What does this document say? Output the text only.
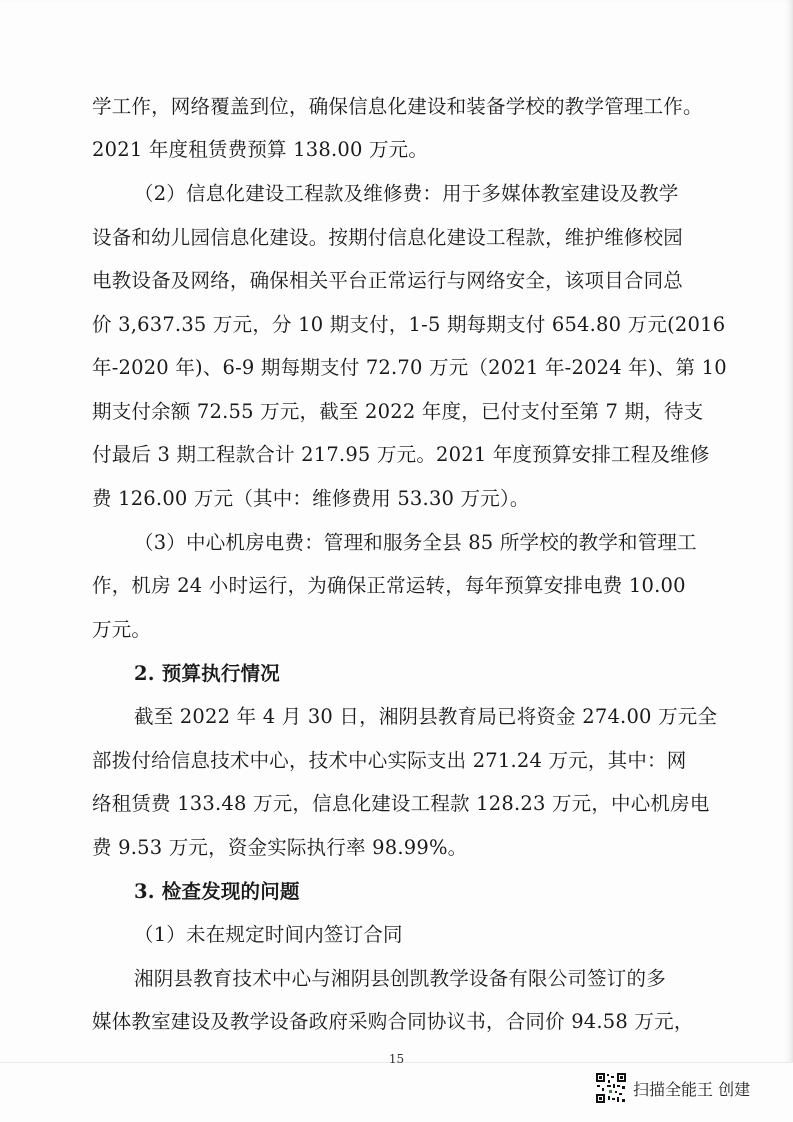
学工作，网络覆盖到位，确保信息化建设和装备学校的教学管理工作。
2021 年度租赁费预算 138.00 万元。
（2）信息化建设工程款及维修费：用于多媒体教室建设及教学
设备和幼儿园信息化建设。按期付信息化建设工程款，维护维修校园
电教设备及网络，确保相关平台正常运行与网络安全，该项目合同总
价 3,637.35 万元，分 10 期支付，1-5 期每期支付 654.80 万元(2016
年-2020 年)、6-9 期每期支付 72.70 万元（2021 年-2024 年)、第 10
期支付余额 72.55 万元，截至 2022 年度，已付支付至第 7 期，待支
付最后 3 期工程款合计 217.95 万元。2021 年度预算安排工程及维修
费 126.00 万元（其中：维修费用 53.30 万元）。
（3）中心机房电费：管理和服务全县 85 所学校的教学和管理工
作，机房 24 小时运行，为确保正常运转，每年预算安排电费 10.00
万元。
2. 预算执行情况
截至 2022 年 4 月 30 日，湘阴县教育局已将资金 274.00 万元全
部拨付给信息技术中心，技术中心实际支出 271.24 万元，其中：网
络租赁费 133.48 万元，信息化建设工程款 128.23 万元，中心机房电
费 9.53 万元，资金实际执行率 98.99%。
3. 检查发现的问题
（1）未在规定时间内签订合同
湘阴县教育技术中心与湘阴县创凯教学设备有限公司签订的多
媒体教室建设及教学设备政府采购合同协议书，合同价 94.58 万元，
15
扫描全能王 创建
